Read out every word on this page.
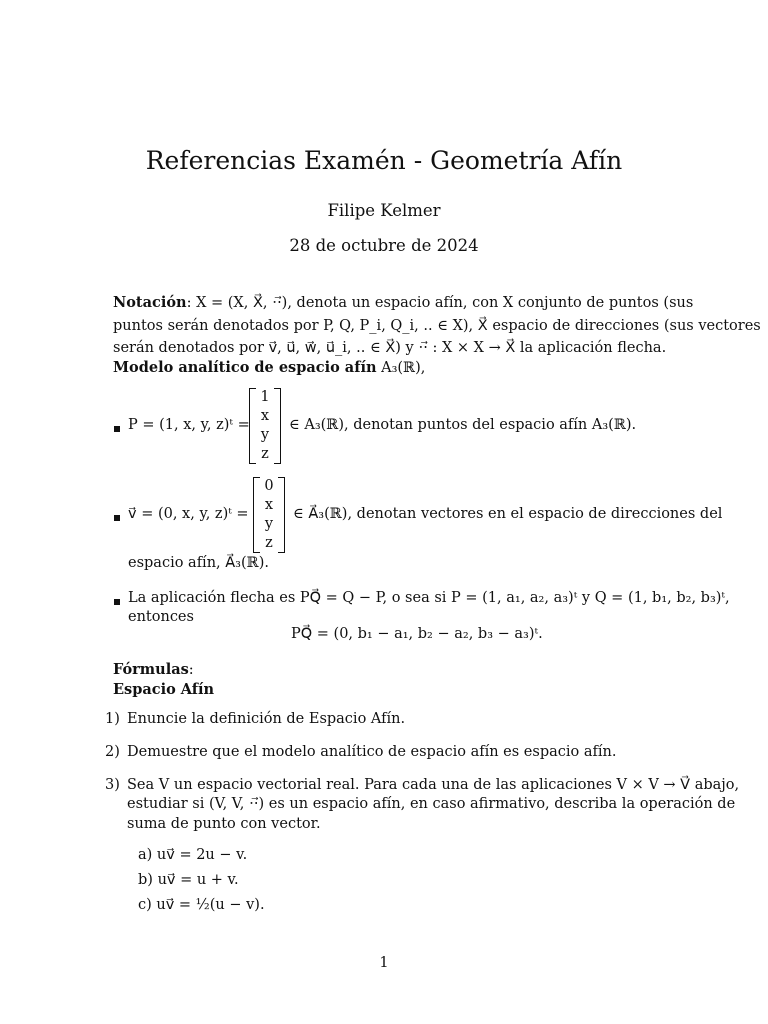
Referencias Examén - Geometría Afín
Filipe Kelmer
28 de octubre de 2024
Notación: X = (X, X⃗, ⋅⋅⃗), denota un espacio afín, con X conjunto de puntos (sus
puntos serán denotados por P, Q, P_i, Q_i, .. ∈ X), X⃗ espacio de direcciones (sus vectores
serán denotados por v⃗, u⃗, w⃗, u⃗_i, .. ∈ X⃗) y ⋅⋅⃗ : X × X → X⃗ la aplicación flecha.
Modelo analítico de espacio afín A₃(ℝ),
P = (1, x, y, z)ᵗ =
1
x
y
z
∈ A₃(ℝ), denotan puntos del espacio afín A₃(ℝ).
v⃗ = (0, x, y, z)ᵗ =
0
x
y
z
∈ A⃗₃(ℝ), denotan vectores en el espacio de direcciones del
espacio afín, A⃗₃(ℝ).
La aplicación flecha es PQ⃗ = Q − P, o sea si P = (1, a₁, a₂, a₃)ᵗ y Q = (1, b₁, b₂, b₃)ᵗ,
entonces
PQ⃗ = (0, b₁ − a₁, b₂ − a₂, b₃ − a₃)ᵗ.
Fórmulas:
Espacio Afín
1) Enuncie la definición de Espacio Afín.
2) Demuestre que el modelo analítico de espacio afín es espacio afín.
3) Sea V un espacio vectorial real. Para cada una de las aplicaciones V × V → V⃗ abajo,
estudiar si (V, V, ⋅⋅⃗) es un espacio afín, en caso afirmativo, describa la operación de
suma de punto con vector.
a) uv⃗ = 2u − v.
b) uv⃗ = u + v.
c) uv⃗ = ½(u − v).
1
